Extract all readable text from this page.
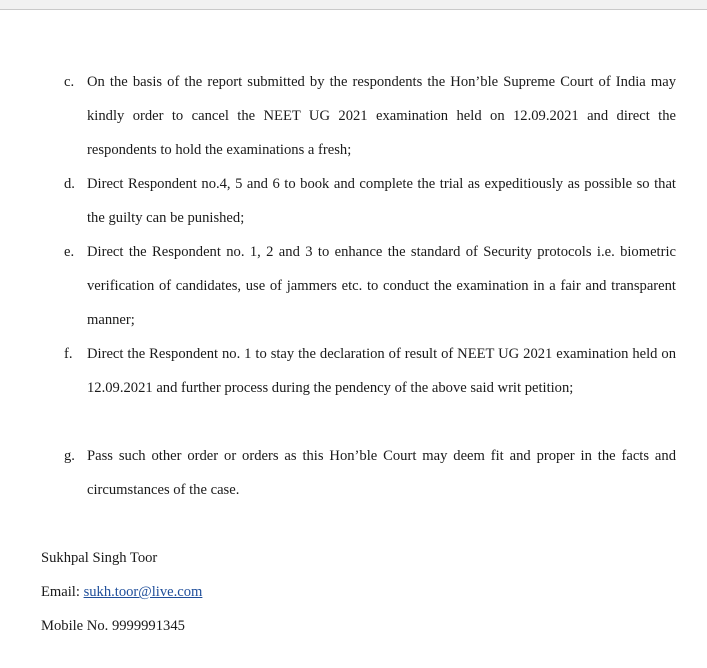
c. On the basis of the report submitted by the respondents the Hon’ble Supreme Court of India may kindly order to cancel the NEET UG 2021 examination held on 12.09.2021 and direct the respondents to hold the examinations a fresh;
d. Direct Respondent no.4, 5 and 6 to book and complete the trial as expeditiously as possible so that the guilty can be punished;
e. Direct the Respondent no. 1, 2 and 3 to enhance the standard of Security protocols i.e. biometric verification of candidates, use of jammers etc. to conduct the examination in a fair and transparent manner;
f. Direct the Respondent no. 1 to stay the declaration of result of NEET UG 2021 examination held on 12.09.2021 and further process during the pendency of the above said writ petition;
g. Pass such other order or orders as this Hon’ble Court may deem fit and proper in the facts and circumstances of the case.
Sukhpal Singh Toor
Email: sukh.toor@live.com
Mobile No. 9999991345
